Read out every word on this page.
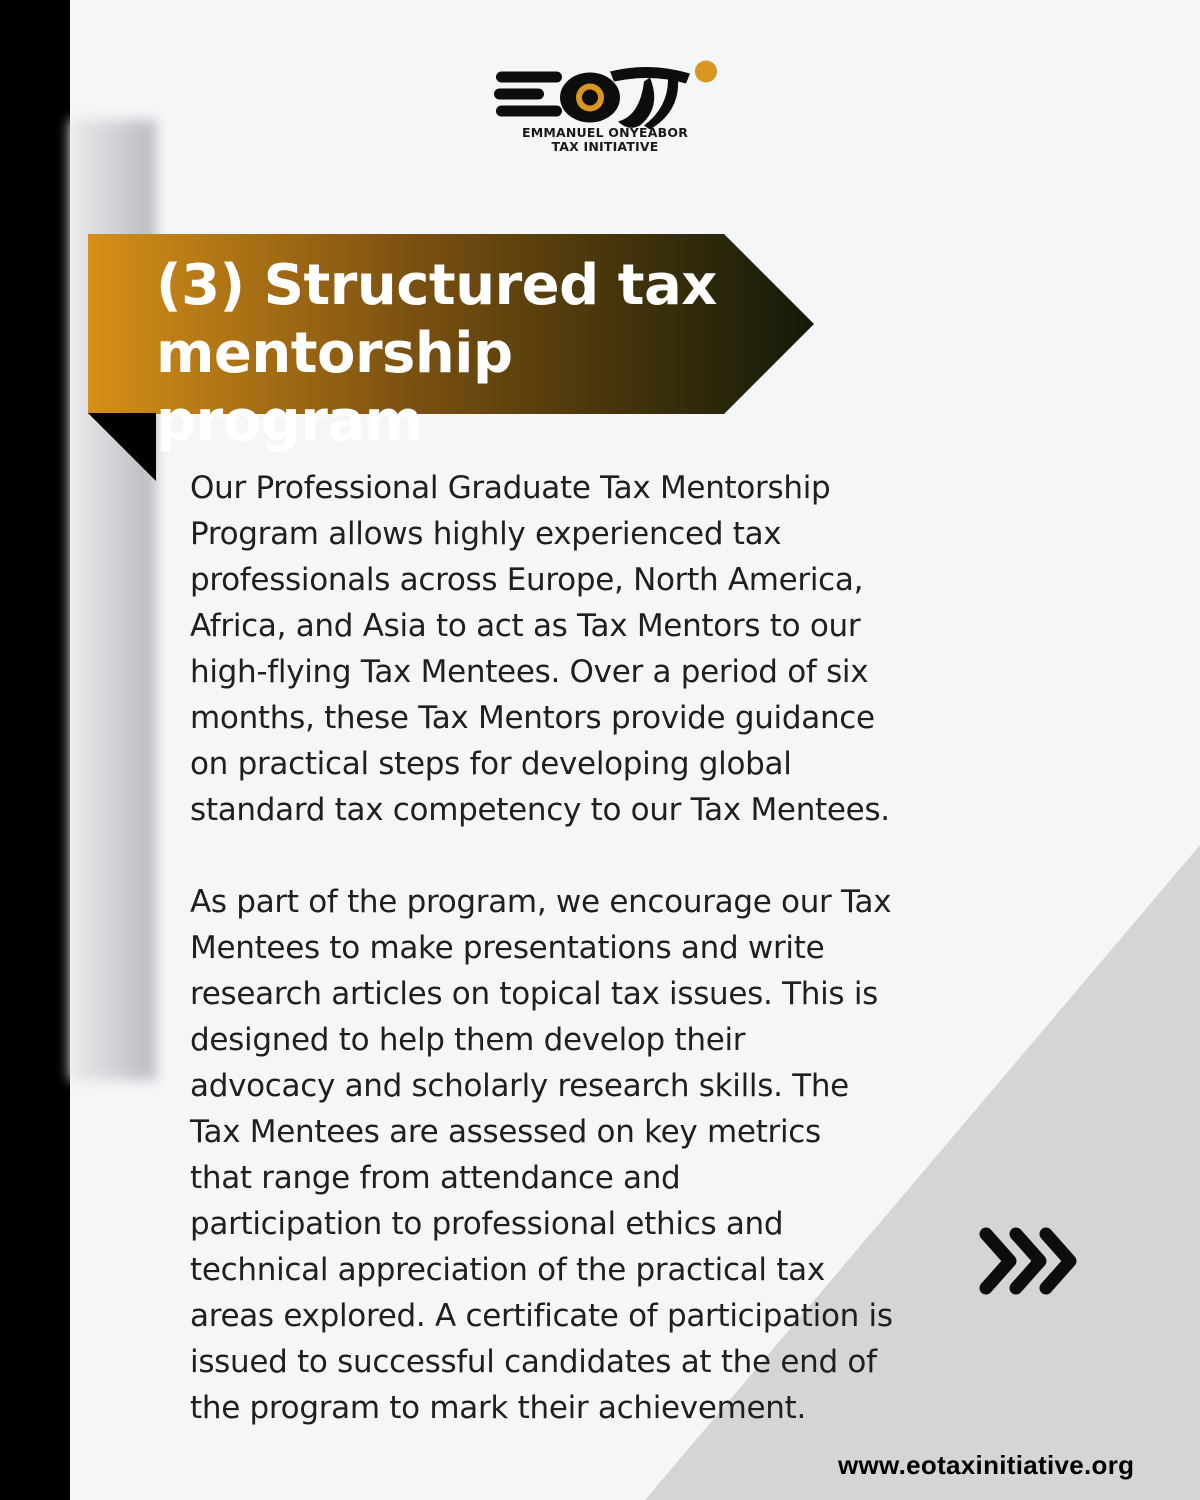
EMMANUEL ONYEABOR
TAX INITIATIVE
(3) Structured tax
mentorship program

Our Professional Graduate Tax Mentorship
Program allows highly experienced tax
professionals across Europe, North America,
Africa, and Asia to act as Tax Mentors to our
high-flying Tax Mentees. Over a period of six
months, these Tax Mentors provide guidance
on practical steps for developing global
standard tax competency to our Tax Mentees.

As part of the program, we encourage our Tax
Mentees to make presentations and write
research articles on topical tax issues. This is
designed to help them develop their
advocacy and scholarly research skills. The
Tax Mentees are assessed on key metrics
that range from attendance and
participation to professional ethics and
technical appreciation of the practical tax
areas explored. A certificate of participation is
issued to successful candidates at the end of
the program to mark their achievement.

www.eotaxinitiative.org
